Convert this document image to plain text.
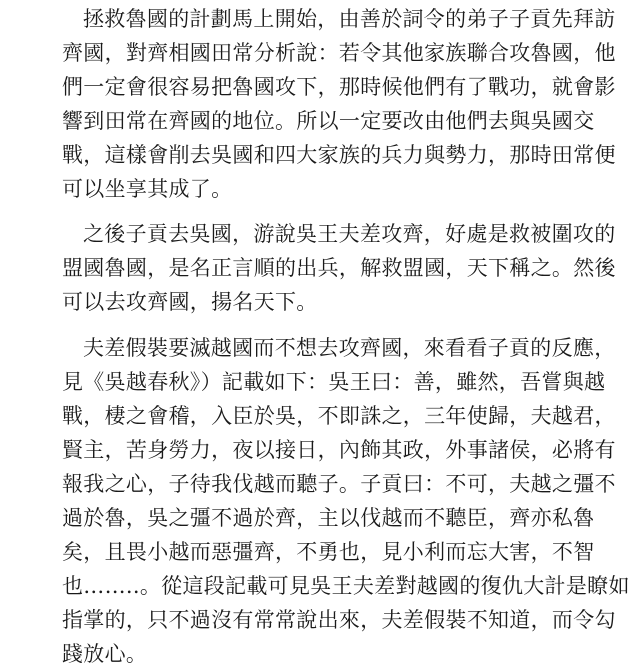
拯救魯國的計劃馬上開始，由善於詞令的弟子子貢先拜訪
齊國，對齊相國田常分析說：若令其他家族聯合攻魯國，他
們一定會很容易把魯國攻下，那時候他們有了戰功，就會影
響到田常在齊國的地位。所以一定要改由他們去與吳國交
戰，這樣會削去吳國和四大家族的兵力與勢力，那時田常便
可以坐享其成了。
之後子貢去吳國，游說吳王夫差攻齊，好處是救被圍攻的
盟國魯國，是名正言順的出兵，解救盟國，天下稱之。然後
可以去攻齊國，揚名天下。
夫差假裝要滅越國而不想去攻齊國，來看看子貢的反應，
見《吳越春秋》）記載如下：吳王曰：善，雖然，吾嘗與越
戰，棲之會稽，入臣於吳，不即誅之，三年使歸，夫越君，
賢主，苦身勞力，夜以接日，內飾其政，外事諸侯，必將有
報我之心，子待我伐越而聽子。子貢曰：不可，夫越之彊不
過於魯，吳之彊不過於齊，主以伐越而不聽臣，齊亦私魯
矣，且畏小越而惡彊齊，不勇也，見小利而忘大害，不智
也……..。從這段記載可見吳王夫差對越國的復仇大計是瞭如
指掌的，只不過沒有常常說出來，夫差假裝不知道，而令勾
踐放心。
